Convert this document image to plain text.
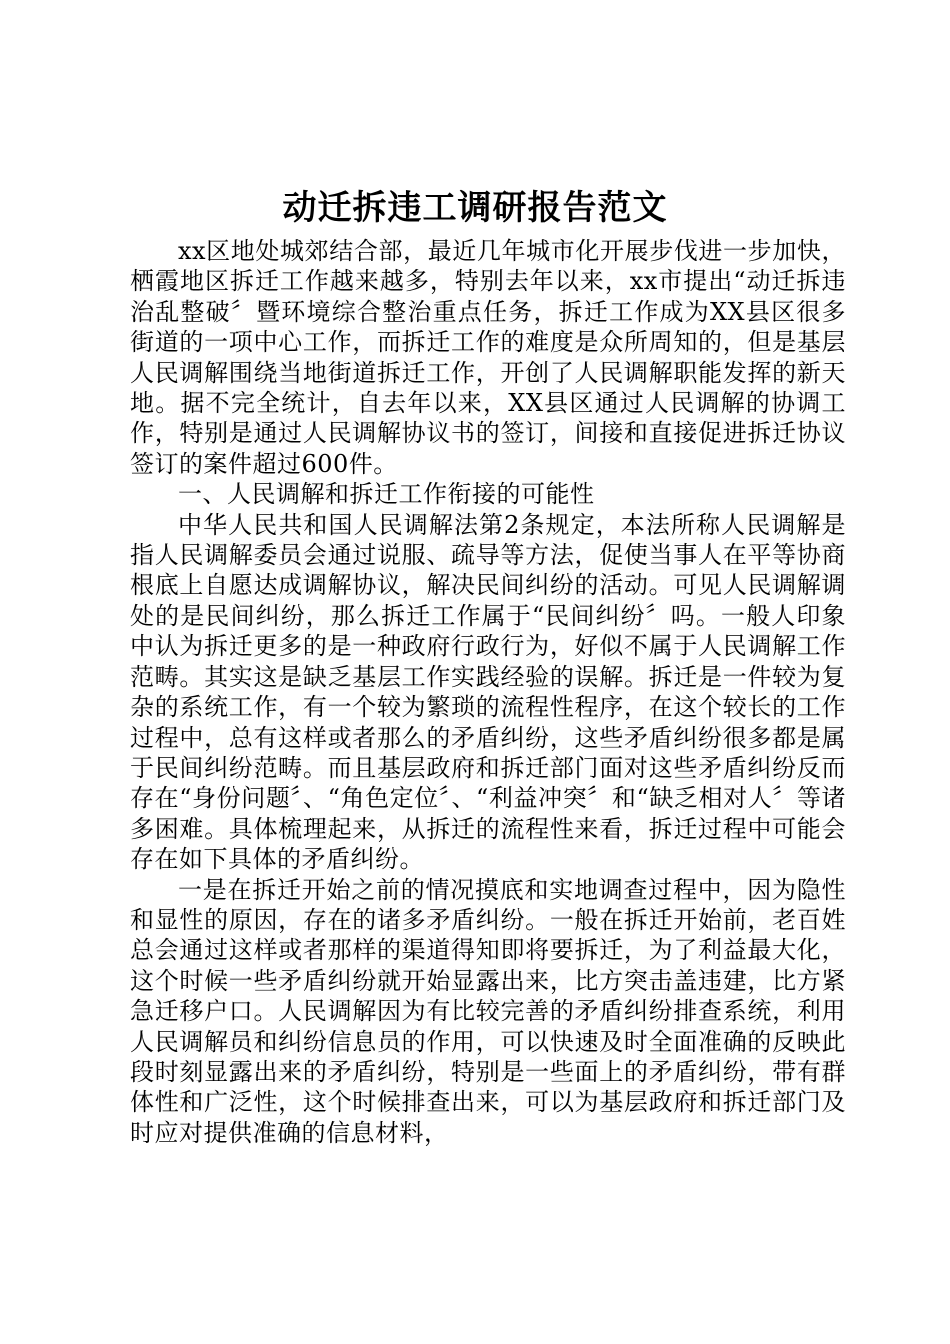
动迁拆违工调研报告范文

xx区地处城郊结合部，最近几年城市化开展步伐进一步加快，栖霞地区拆迁工作越来越多，特别去年以来，xx市提出“动迁拆违治乱整破〞暨环境综合整治重点任务，拆迁工作成为XX县区很多街道的一项中心工作，而拆迁工作的难度是众所周知的，但是基层人民调解围绕当地街道拆迁工作，开创了人民调解职能发挥的新天地。据不完全统计，自去年以来，XX县区通过人民调解的协调工作，特别是通过人民调解协议书的签订，间接和直接促进拆迁协议签订的案件超过600件。

一、人民调解和拆迁工作衔接的可能性

中华人民共和国人民调解法第2条规定，本法所称人民调解是指人民调解委员会通过说服、疏导等方法，促使当事人在平等协商根底上自愿达成调解协议，解决民间纠纷的活动。可见人民调解调处的是民间纠纷，那么拆迁工作属于“民间纠纷〞吗。一般人印象中认为拆迁更多的是一种政府行政行为，好似不属于人民调解工作范畴。其实这是缺乏基层工作实践经验的误解。拆迁是一件较为复杂的系统工作，有一个较为繁琐的流程性程序，在这个较长的工作过程中，总有这样或者那么的矛盾纠纷，这些矛盾纠纷很多都是属于民间纠纷范畴。而且基层政府和拆迁部门面对这些矛盾纠纷反而存在“身份问题〞、“角色定位〞、“利益冲突〞和“缺乏相对人〞等诸多困难。具体梳理起来，从拆迁的流程性来看，拆迁过程中可能会存在如下具体的矛盾纠纷。

一是在拆迁开始之前的情况摸底和实地调查过程中，因为隐性和显性的原因，存在的诸多矛盾纠纷。一般在拆迁开始前，老百姓总会通过这样或者那样的渠道得知即将要拆迁，为了利益最大化，这个时候一些矛盾纠纷就开始显露出来，比方突击盖违建，比方紧急迁移户口。人民调解因为有比较完善的矛盾纠纷排查系统，利用人民调解员和纠纷信息员的作用，可以快速及时全面准确的反映此段时刻显露出来的矛盾纠纷，特别是一些面上的矛盾纠纷，带有群体性和广泛性，这个时候排查出来，可以为基层政府和拆迁部门及时应对提供准确的信息材料，
